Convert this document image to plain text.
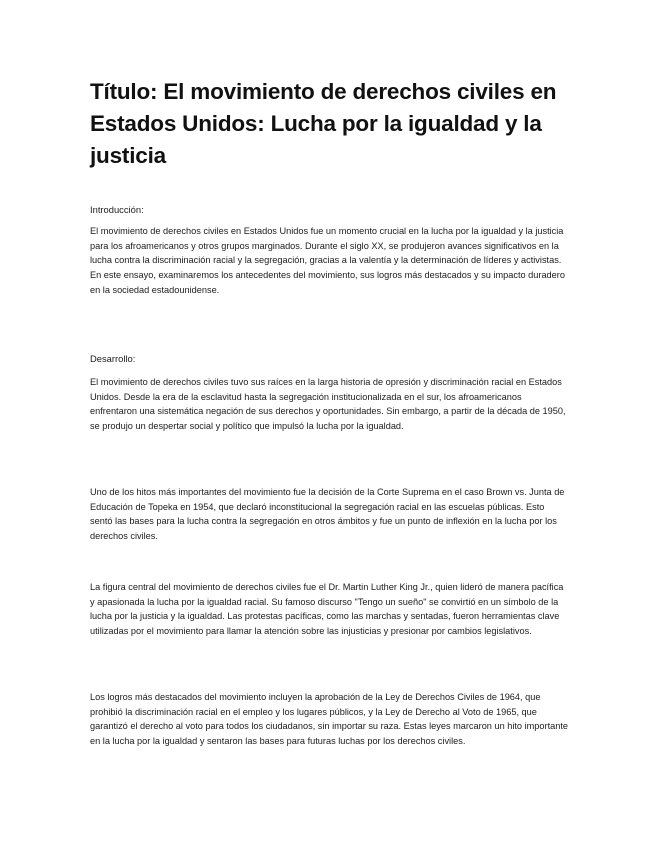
Título: El movimiento de derechos civiles en Estados Unidos: Lucha por la igualdad y la justicia

Introducción:

El movimiento de derechos civiles en Estados Unidos fue un momento crucial en la lucha por la igualdad y la justicia para los afroamericanos y otros grupos marginados. Durante el siglo XX, se produjeron avances significativos en la lucha contra la discriminación racial y la segregación, gracias a la valentía y la determinación de líderes y activistas. En este ensayo, examinaremos los antecedentes del movimiento, sus logros más destacados y su impacto duradero en la sociedad estadounidense.

Desarrollo:

El movimiento de derechos civiles tuvo sus raíces en la larga historia de opresión y discriminación racial en Estados Unidos. Desde la era de la esclavitud hasta la segregación institucionalizada en el sur, los afroamericanos enfrentaron una sistemática negación de sus derechos y oportunidades. Sin embargo, a partir de la década de 1950, se produjo un despertar social y político que impulsó la lucha por la igualdad.

Uno de los hitos más importantes del movimiento fue la decisión de la Corte Suprema en el caso Brown vs. Junta de Educación de Topeka en 1954, que declaró inconstitucional la segregación racial en las escuelas públicas. Esto sentó las bases para la lucha contra la segregación en otros ámbitos y fue un punto de inflexión en la lucha por los derechos civiles.

La figura central del movimiento de derechos civiles fue el Dr. Martin Luther King Jr., quien lideró de manera pacífica y apasionada la lucha por la igualdad racial. Su famoso discurso "Tengo un sueño" se convirtió en un símbolo de la lucha por la justicia y la igualdad. Las protestas pacíficas, como las marchas y sentadas, fueron herramientas clave utilizadas por el movimiento para llamar la atención sobre las injusticias y presionar por cambios legislativos.

Los logros más destacados del movimiento incluyen la aprobación de la Ley de Derechos Civiles de 1964, que prohibió la discriminación racial en el empleo y los lugares públicos, y la Ley de Derecho al Voto de 1965, que garantizó el derecho al voto para todos los ciudadanos, sin importar su raza. Estas leyes marcaron un hito importante en la lucha por la igualdad y sentaron las bases para futuras luchas por los derechos civiles.
